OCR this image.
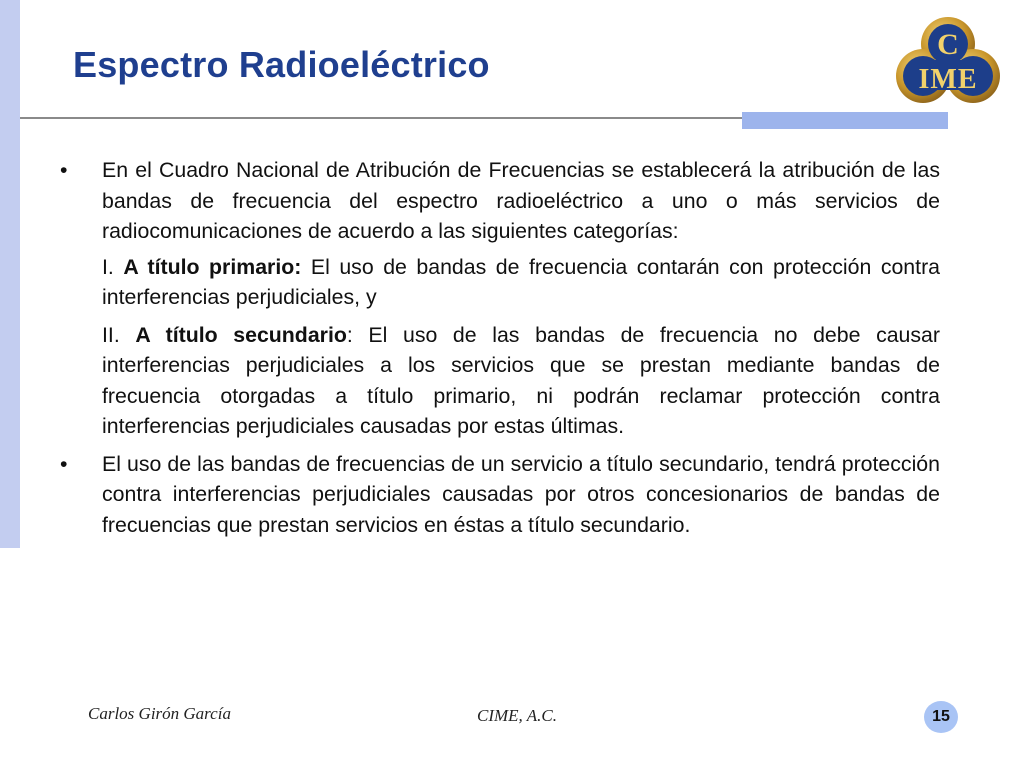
Espectro Radioeléctrico	C
IME

•	En el Cuadro Nacional de Atribución de Frecuencias se establecerá la atribución de las bandas de frecuencia del espectro radioeléctrico a uno o más servicios de radiocomunicaciones de acuerdo a las siguientes categorías:

I. A título primario: El uso de bandas de frecuencia contarán con protección contra interferencias perjudiciales, y

II. A título secundario: El uso de las bandas de frecuencia no debe causar interferencias perjudiciales a los servicios que se prestan mediante bandas de frecuencia otorgadas a título primario, ni podrán reclamar protección contra interferencias perjudiciales causadas por estas últimas.

•	El uso de las bandas de frecuencias de un servicio a título secundario, tendrá protección contra interferencias perjudiciales causadas por otros concesionarios de bandas de frecuencias que prestan servicios en éstas a título secundario.

Carlos Girón García	CIME, A.C.	15
